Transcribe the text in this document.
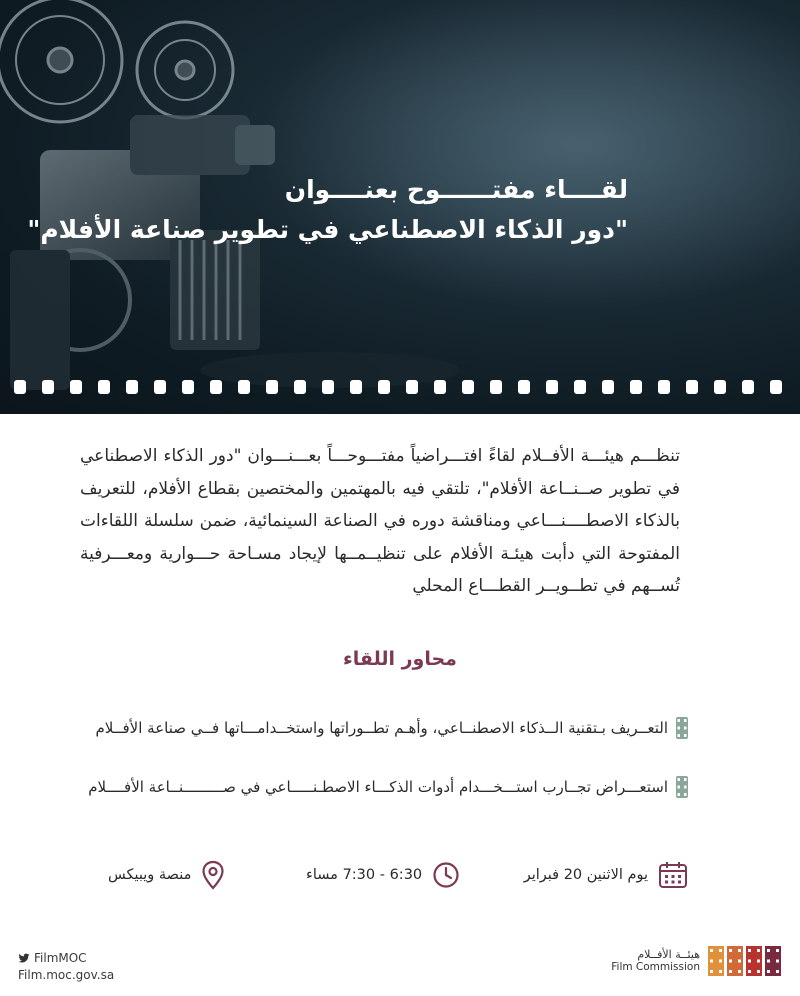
لقــــاء مفتــــــوح بعنــــوان
"دور الذكاء الاصطناعي في تطوير صناعة الأفلام"
تنظـــم هيئـــة الأفــلام لقاءً افتـــراضياً مفتـــوحـــاً بعـــنـــوان "دور الذكاء الاصطناعي في تطوير صــنــاعة الأفلام"، تلتقي فيه بالمهتمين والمختصين بقطاع الأفلام، للتعريف بالذكاء الاصطــــنـــاعي ومناقشة دوره في الصناعة السينمائية، ضمن سلسلة اللقاءات المفتوحة التي دأبت هيئـة الأفلام على تنظيــمــها لإيجاد مسـاحة حـــوارية ومعـــرفية تُســهم في تطــويــر القطـــاع المحلي
محاور اللقاء
التعــريف بـتقنية الــذكاء الاصطنــاعي، وأهـم تطــوراتها واستخــدامـــاتها فــي صناعة الأفــلام
استعـــراض تجــارب استـــخـــدام أدوات الذكـــاء الاصطـنـــــاعي في صـــــــــنــاعة الأفــــلام
يوم الاثنين 20 فبراير
6:30 - 7:30 مساء
منصة ويبيكس
FilmMOC
Film.moc.gov.sa
هيئــة الأفــلام
Film Commission
